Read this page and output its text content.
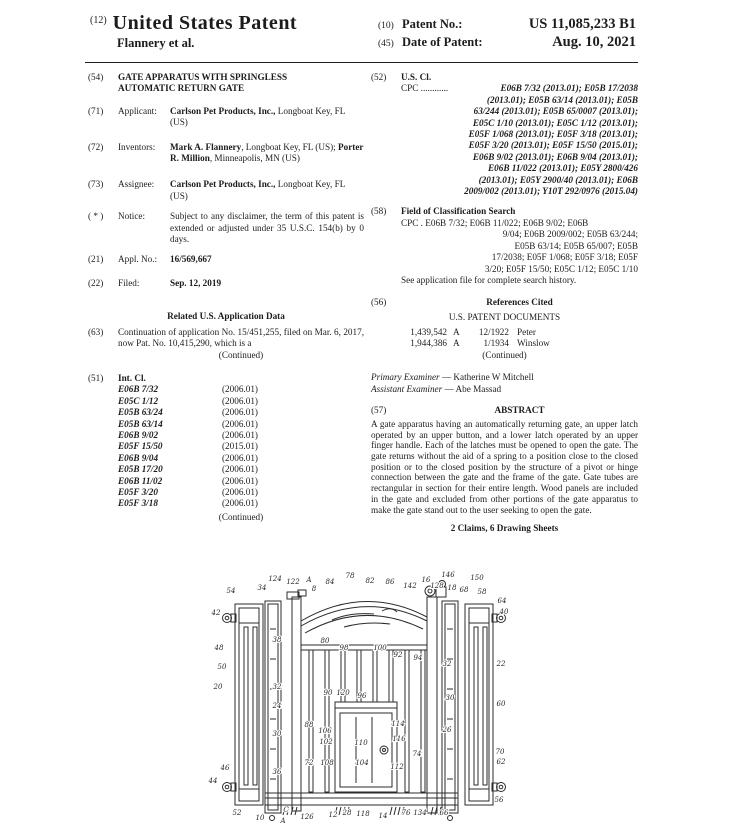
$^{(12)}$ United States Patent
Flannery et al.
(10) Patent No.:	US 11,085,233 B1
(45) Date of Patent:	Aug. 10, 2021
(54)	GATE APPARATUS WITH SPRINGLESS
AUTOMATIC RETURN GATE
(71)	Applicant:	Carlson Pet Products, Inc., Longboat Key, FL (US)
(72)	Inventors:	Mark A. Flannery, Longboat Key, FL (US); Porter R. Million, Minneapolis, MN (US)
(73)	Assignee:	Carlson Pet Products, Inc., Longboat Key, FL (US)
( * )	Notice:	Subject to any disclaimer, the term of this patent is extended or adjusted under 35 U.S.C. 154(b) by 0 days.
(21)	Appl. No.:	16/569,667
(22)	Filed:	Sep. 12, 2019
Related U.S. Application Data
(63)	Continuation of application No. 15/451,255, filed on Mar. 6, 2017, now Pat. No. 10,415,290, which is a
(Continued)
(51)	Int. Cl.
E06B 7/32	(2006.01)
E05C 1/12	(2006.01)
E05B 63/24	(2006.01)
E05B 63/14	(2006.01)
E06B 9/02	(2006.01)
E05F 15/50	(2015.01)
E06B 9/04	(2006.01)
E05B 17/20	(2006.01)
E06B 11/02	(2006.01)
E05F 3/20	(2006.01)
E05F 3/18	(2006.01)
(Continued)
(52)	U.S. Cl.
CPC ............	E06B 7/32 (2013.01); E05B 17/2038
(2013.01); E05B 63/14 (2013.01); E05B
63/244 (2013.01); E05B 65/0007 (2013.01);
E05C 1/10 (2013.01); E05C 1/12 (2013.01);
E05F 1/068 (2013.01); E05F 3/18 (2013.01);
E05F 3/20 (2013.01); E05F 15/50 (2015.01);
E06B 9/02 (2013.01); E06B 9/04 (2013.01);
E06B 11/022 (2013.01); E05Y 2800/426
(2013.01); E05Y 2900/40 (2013.01); E06B
2009/002 (2013.01); Y10T 292/0976 (2015.04)
(58)	Field of Classification Search
CPC . E06B 7/32; E06B 11/022; E06B 9/02; E06B
9/04; E06B 2009/002; E05B 63/244;
E05B 63/14; E05B 65/007; E05B
17/2038; E05F 1/068; E05F 3/18; E05F
3/20; E05F 15/50; E05C 1/12; E05C 1/10
See application file for complete search history.
(56)	References Cited
U.S. PATENT DOCUMENTS
1,439,542 A	12/1922 Peter
1,944,386 A	1/1934 Winslow
(Continued)
Primary Examiner — Katherine W Mitchell
Assistant Examiner — Abe Massad
(57)	ABSTRACT
A gate apparatus having an automatically returning gate, an upper latch operated by an upper button, and a lower latch operated by an upper finger handle. Each of the latches must be opened to open the gate. The gate returns without the aid of a spring to a position close to the closed position or to the closed position by the structure of a pivot or hinge connection between the gate and the frame of the gate. Gate tubes are rectangular in section for their entire length. Wood panels are included in the gate and excluded from other portions of the gate apparatus to make the gate stand out to the user seeking to open the gate.
2 Claims, 6 Drawing Sheets
54	34
124 122 A
8
84
78
82 86 142
16
146
128 18
150
68 58
64
42	40
48
38	80
98	100
92 94
32	22
50
20	32
90 120 96	30
60
24
88
106
114
26
102	116
30
110
74	70
46	36
72 108	104	112
62
44
56
52
10
C
A 126 12 28 118 14 76 134 66
